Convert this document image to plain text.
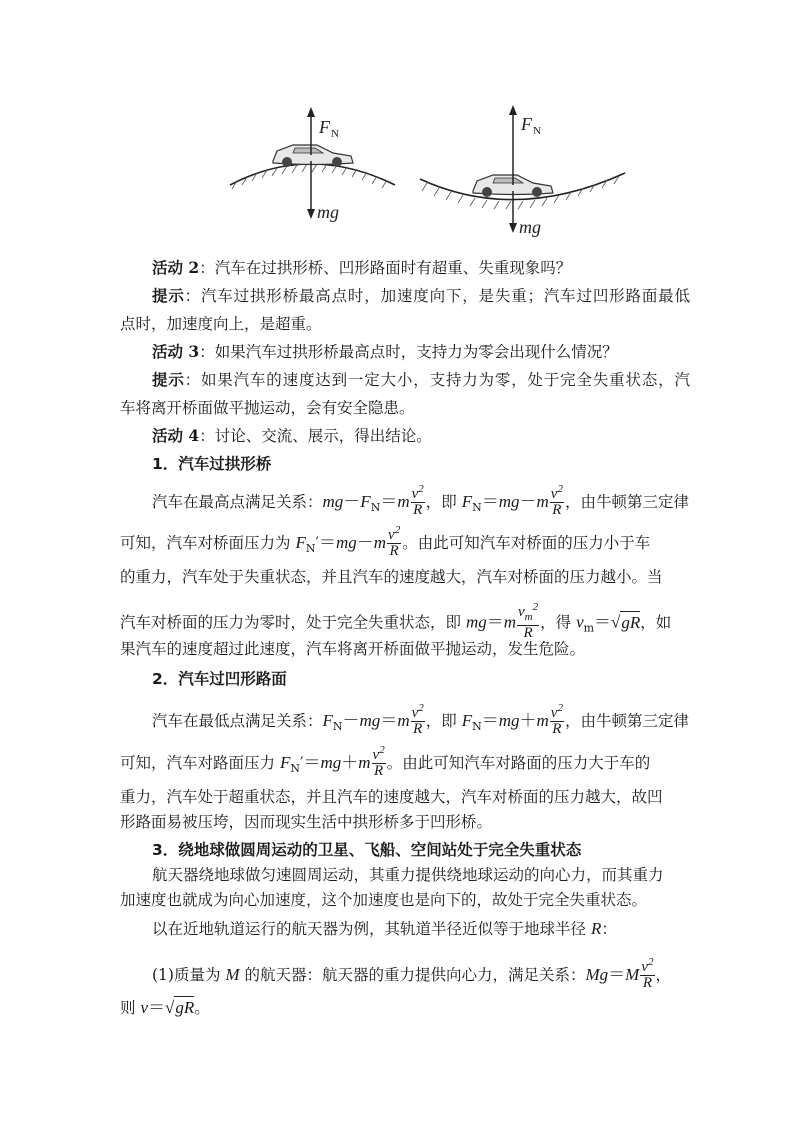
F N
mg
F N
mg
活动 2：汽车在过拱形桥、凹形路面时有超重、失重现象吗？
提示：汽车过拱形桥最高点时，加速度向下，是失重；汽车过凹形路面最低
点时，加速度向上，是超重。
活动 3：如果汽车过拱形桥最高点时，支持力为零会出现什么情况？
提示：如果汽车的速度达到一定大小，支持力为零，处于完全失重状态，汽
车将离开桥面做平抛运动，会有安全隐患。
活动 4：讨论、交流、展示，得出结论。
1．汽车过拱形桥
汽车在最高点满足关系：$mg-F_N=m \frac{v^2}{R}$ ，即 $F_N=mg-m \frac{v^2}{R}$ ，由牛顿第三定律
可知，汽车对桥面压力为 $F_N'=mg-m \frac{v^2}{R}$ 。由此可知汽车对桥面的压力小于车
的重力，汽车处于失重状态，并且汽车的速度越大，汽车对桥面的压力越小。当
汽车对桥面的压力为零时，处于完全失重状态，即 $mg=m \frac{v_m^2}{R}$ ，得 $v_m=√gR$，如
果汽车的速度超过此速度，汽车将离开桥面做平抛运动，发生危险。
2．汽车过凹形路面
汽车在最低点满足关系：$F_N-mg=m \frac{v^2}{R}$ ，即 $F_N=mg+m \frac{v^2}{R}$ ，由牛顿第三定律
可知，汽车对路面压力 $F_N'=mg+m \frac{v^2}{R}$ 。由此可知汽车对路面的压力大于车的
重力，汽车处于超重状态，并且汽车的速度越大，汽车对桥面的压力越大，故凹
形路面易被压垮，因而现实生活中拱形桥多于凹形桥。
3．绕地球做圆周运动的卫星、飞船、空间站处于完全失重状态
航天器绕地球做匀速圆周运动，其重力提供绕地球运动的向心力，而其重力
加速度也就成为向心加速度，这个加速度也是向下的，故处于完全失重状态。
以在近地轨道运行的航天器为例，其轨道半径近似等于地球半径 R：
(1)质量为 M 的航天器：航天器的重力提供向心力，满足关系：$Mg=M \frac{v^2}{R}$ ，
则 v＝√gR。
